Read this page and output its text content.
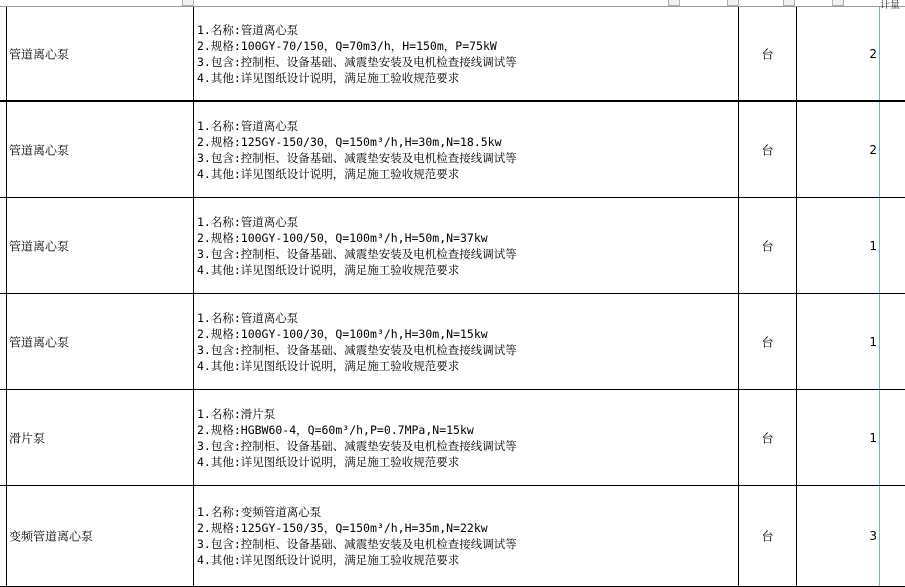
计量
管道离心泵
1.名称:管道离心泵
2.规格:100GY-70/150，Q=70m3/h，H=150m，P=75kW
3.包含:控制柜、设备基础、减震垫安装及电机检查接线调试等
4.其他:详见图纸设计说明，满足施工验收规范要求
台	2
管道离心泵
1.名称:管道离心泵
2.规格:125GY-150/30，Q=150m³/h,H=30m,N=18.5kw
3.包含:控制柜、设备基础、减震垫安装及电机检查接线调试等
4.其他:详见图纸设计说明，满足施工验收规范要求
台	2
管道离心泵
1.名称:管道离心泵
2.规格:100GY-100/50，Q=100m³/h,H=50m,N=37kw
3.包含:控制柜、设备基础、减震垫安装及电机检查接线调试等
4.其他:详见图纸设计说明，满足施工验收规范要求
台	1
管道离心泵
1.名称:管道离心泵
2.规格:100GY-100/30，Q=100m³/h,H=30m,N=15kw
3.包含:控制柜、设备基础、减震垫安装及电机检查接线调试等
4.其他:详见图纸设计说明，满足施工验收规范要求
台	1
滑片泵
1.名称:滑片泵
2.规格:HGBW60-4，Q=60m³/h,P=0.7MPa,N=15kw
3.包含:控制柜、设备基础、减震垫安装及电机检查接线调试等
4.其他:详见图纸设计说明，满足施工验收规范要求
台	1
变频管道离心泵
1.名称:变频管道离心泵
2.规格:125GY-150/35，Q=150m³/h,H=35m,N=22kw
3.包含:控制柜、设备基础、减震垫安装及电机检查接线调试等
4.其他:详见图纸设计说明，满足施工验收规范要求
台	3
